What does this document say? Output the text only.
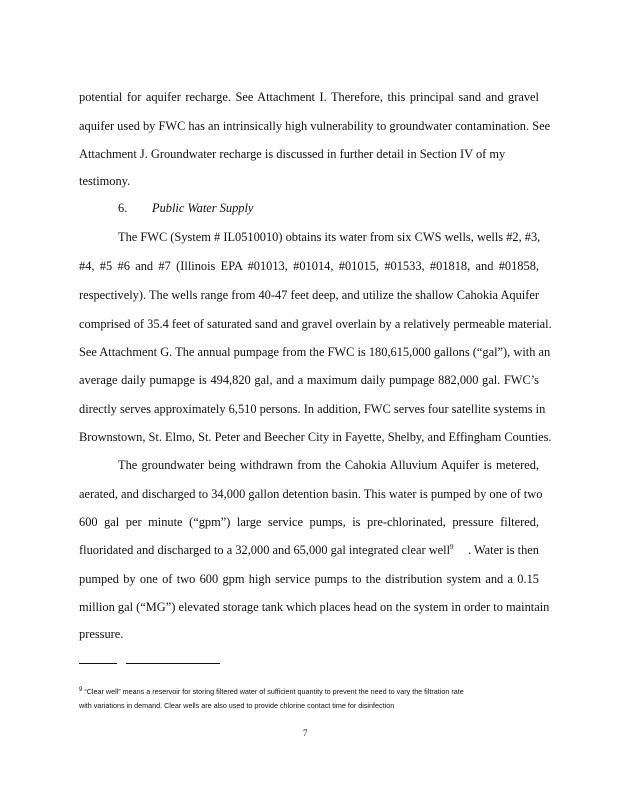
potential for aquifer recharge. See Attachment I. Therefore, this principal sand and gravel
aquifer used by FWC has an intrinsically high vulnerability to groundwater contamination. See
Attachment J. Groundwater recharge is discussed in further detail in Section IV of my
testimony.
6. Public Water Supply
The FWC (System # IL0510010) obtains its water from six CWS wells, wells #2, #3,
#4, #5 #6 and #7 (Illinois EPA #01013, #01014, #01015, #01533, #01818, and #01858,
respectively). The wells range from 40-47 feet deep, and utilize the shallow Cahokia Aquifer
comprised of 35.4 feet of saturated sand and gravel overlain by a relatively permeable material.
See Attachment G. The annual pumpage from the FWC is 180,615,000 gallons (“gal”), with an
average daily pumapge is 494,820 gal, and a maximum daily pumpage 882,000 gal. FWC’s
directly serves approximately 6,510 persons. In addition, FWC serves four satellite systems in
Brownstown, St. Elmo, St. Peter and Beecher City in Fayette, Shelby, and Effingham Counties.
The groundwater being withdrawn from the Cahokia Alluvium Aquifer is metered,
aerated, and discharged to 34,000 gallon detention basin. This water is pumped by one of two
600 gal per minute (“gpm”) large service pumps, is pre-chlorinated, pressure filtered,
fluoridated and discharged to a 32,000 and 65,000 gal integrated clear well$^9$ . Water is then
pumped by one of two 600 gpm high service pumps to the distribution system and a 0.15
million gal (“MG”) elevated storage tank which places head on the system in order to maintain
pressure.
$^9$ “Clear well” means a reservoir for storing filtered water of sufficient quantity to prevent the need to vary the filtration rate
with variations in demand. Clear wells are also used to provide chlorine contact time for disinfection
7
